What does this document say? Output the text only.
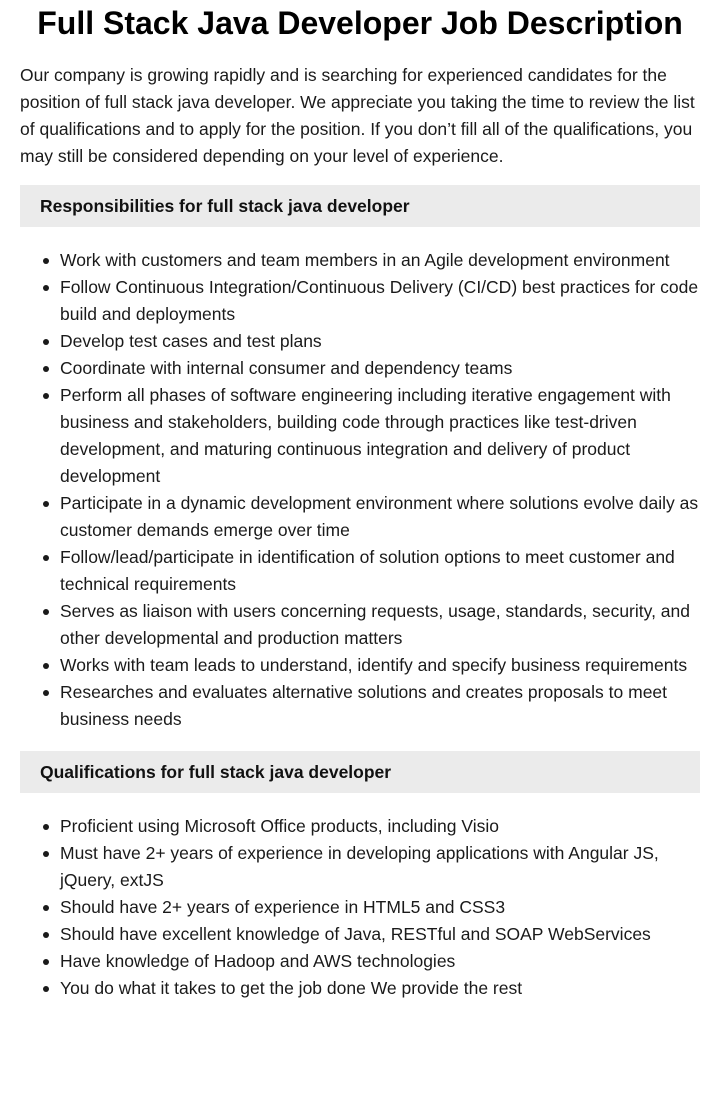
Full Stack Java Developer Job Description

Our company is growing rapidly and is searching for experienced candidates for the position of full stack java developer. We appreciate you taking the time to review the list of qualifications and to apply for the position. If you don’t fill all of the qualifications, you may still be considered depending on your level of experience.

Responsibilities for full stack java developer
Work with customers and team members in an Agile development environment
Follow Continuous Integration/Continuous Delivery (CI/CD) best practices for code build and deployments
Develop test cases and test plans
Coordinate with internal consumer and dependency teams
Perform all phases of software engineering including iterative engagement with business and stakeholders, building code through practices like test-driven development, and maturing continuous integration and delivery of product development
Participate in a dynamic development environment where solutions evolve daily as customer demands emerge over time
Follow/lead/participate in identification of solution options to meet customer and technical requirements
Serves as liaison with users concerning requests, usage, standards, security, and other developmental and production matters
Works with team leads to understand, identify and specify business requirements
Researches and evaluates alternative solutions and creates proposals to meet business needs
Qualifications for full stack java developer
Proficient using Microsoft Office products, including Visio
Must have 2+ years of experience in developing applications with Angular JS, jQuery, extJS
Should have 2+ years of experience in HTML5 and CSS3
Should have excellent knowledge of Java, RESTful and SOAP WebServices
Have knowledge of Hadoop and AWS technologies
You do what it takes to get the job done We provide the rest
